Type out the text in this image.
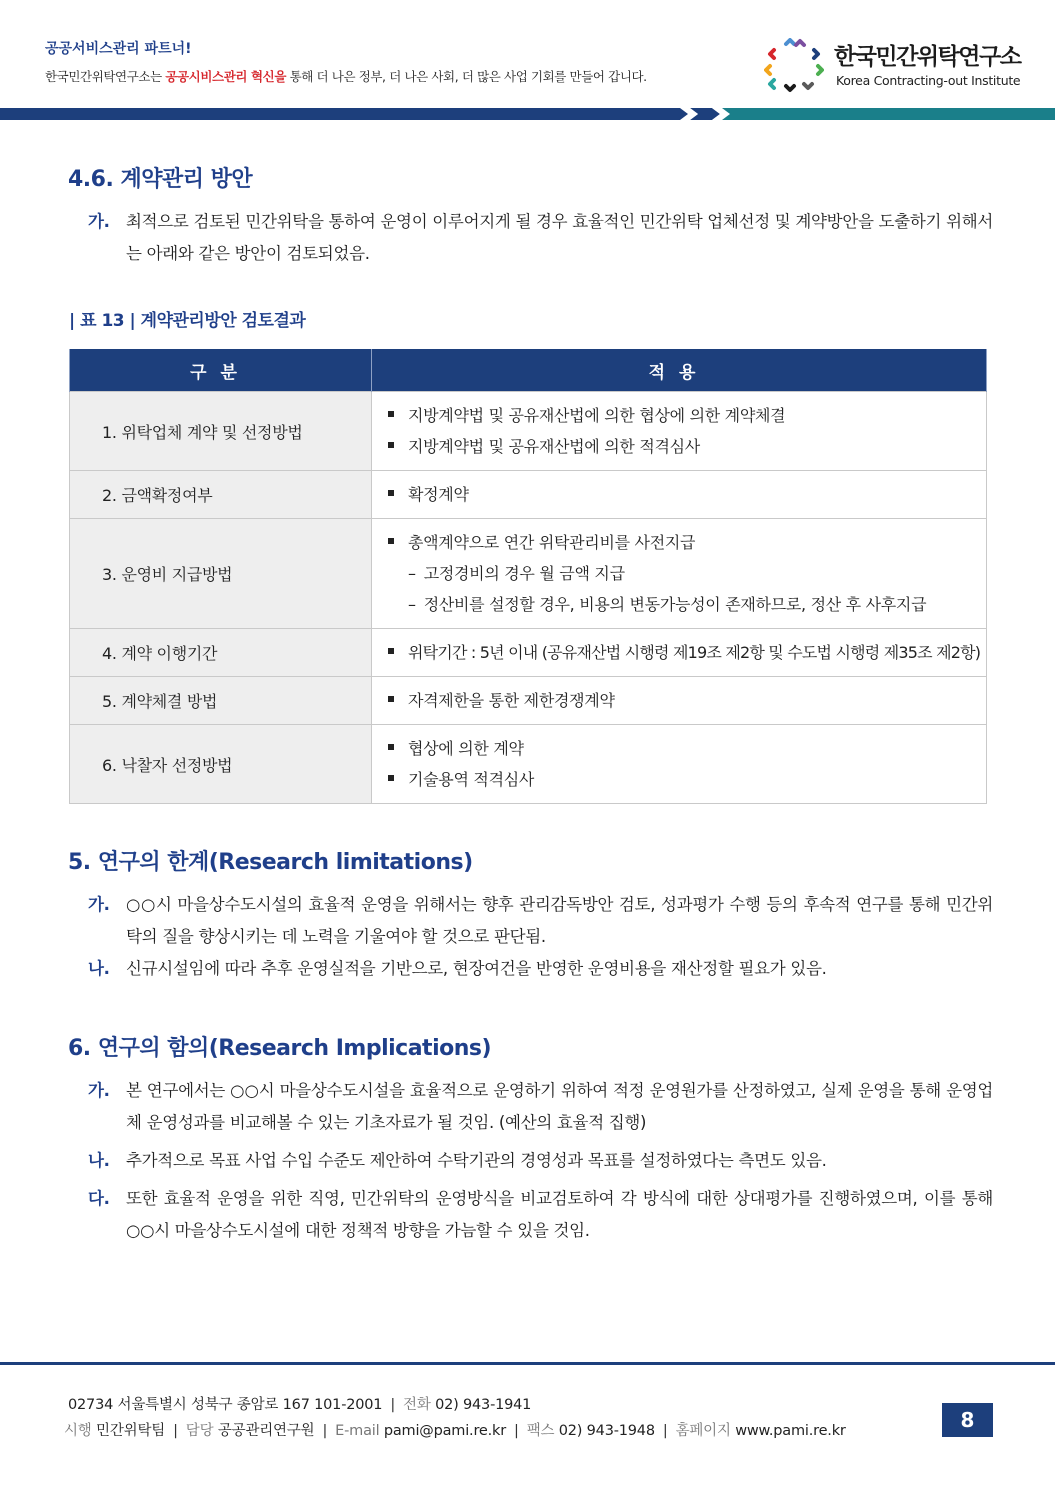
공공서비스관리 파트너!
한국민간위탁연구소는 공공시비스관리 혁신을 통해 더 나은 정부, 더 나은 사회, 더 많은 사업 기회를 만들어 갑니다.
한국민간위탁연구소
Korea Contracting-out Institute
4.6. 계약관리 방안
가. 최적으로 검토된 민간위탁을 통하여 운영이 이루어지게 될 경우 효율적인 민간위탁 업체선정 및 계약방안을 도출하기 위해서는 아래와 같은 방안이 검토되었음.
| 표 13 | 계약관리방안 검토결과
구분	적용
1. 위탁업체 계약 및 선정방법	지방계약법 및 공유재산법에 의한 협상에 의한 계약체결
지방계약법 및 공유재산법에 의한 적격심사

2. 금액확정여부	확정계약

3. 운영비 지급방법	총액계약으로 연간 위탁관리비를 사전지급
– 고정경비의 경우 월 금액 지급
– 정산비를 설정할 경우, 비용의 변동가능성이 존재하므로, 정산 후 사후지급

4. 계약 이행기간	위탁기간 : 5년 이내 (공유재산법 시행령 제19조 제2항 및 수도법 시행령 제35조 제2항)

5. 계약체결 방법	자격제한을 통한 제한경쟁계약

6. 낙찰자 선정방법	협상에 의한 계약
기술용역 적격심사
5. 연구의 한계(Research limitations)
가. ○○시 마을상수도시설의 효율적 운영을 위해서는 향후 관리감독방안 검토, 성과평가 수행 등의 후속적 연구를 통해 민간위탁의 질을 향상시키는 데 노력을 기울여야 할 것으로 판단됨.
나. 신규시설임에 따라 추후 운영실적을 기반으로, 현장여건을 반영한 운영비용을 재산정할 필요가 있음.
6. 연구의 함의(Research Implications)
가. 본 연구에서는 ○○시 마을상수도시설을 효율적으로 운영하기 위하여 적정 운영원가를 산정하였고, 실제 운영을 통해 운영업체 운영성과를 비교해볼 수 있는 기초자료가 될 것임. (예산의 효율적 집행)
나. 추가적으로 목표 사업 수입 수준도 제안하여 수탁기관의 경영성과 목표를 설정하였다는 측면도 있음.
다. 또한 효율적 운영을 위한 직영, 민간위탁의 운영방식을 비교검토하여 각 방식에 대한 상대평가를 진행하였으며, 이를 통해 ○○시 마을상수도시설에 대한 정책적 방향을 가늠할 수 있을 것임.
02734 서울특별시 성북구 종암로 167 101-2001 | 전화 02) 943-1941
시행 민간위탁팀 | 담당 공공관리연구원 | E-mail pami@pami.re.kr | 팩스 02) 943-1948 | 홈페이지 www.pami.re.kr	8
